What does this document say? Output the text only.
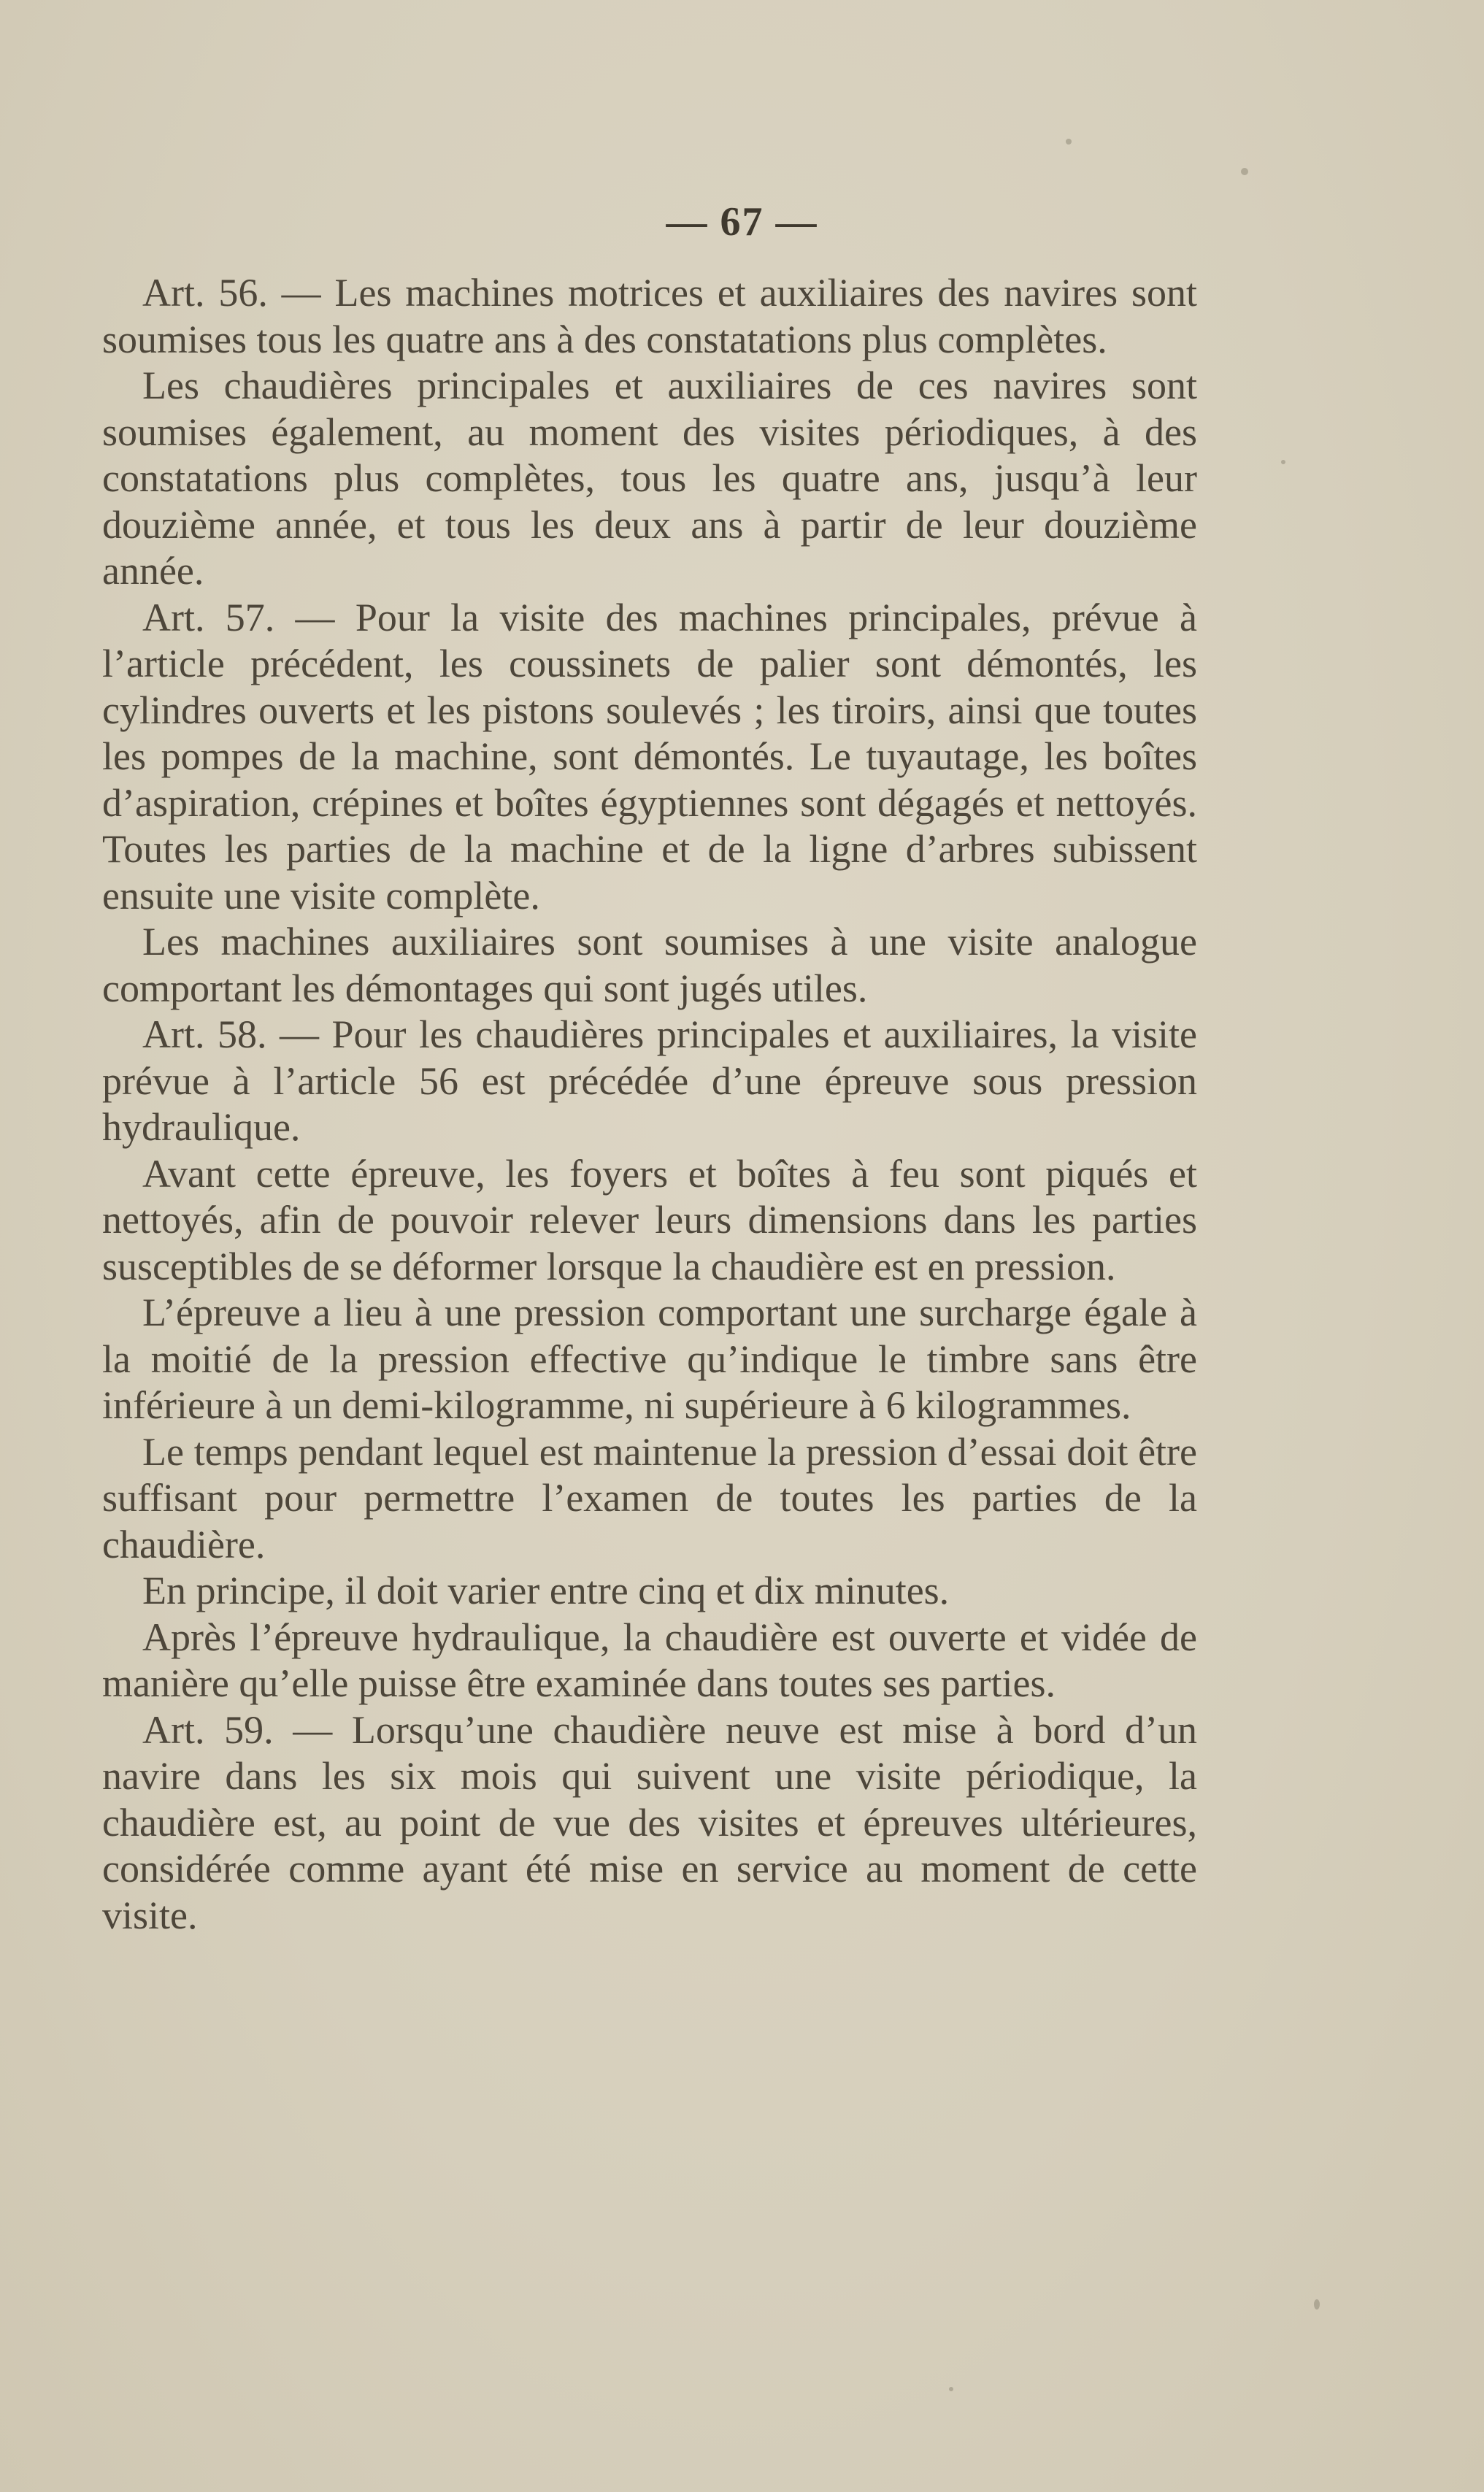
— 67 —

Art. 56. — Les machines motrices et auxiliaires des navires sont soumises tous les quatre ans à des constatations plus complètes.

Les chaudières principales et auxiliaires de ces navires sont soumises également, au moment des visites périodiques, à des constatations plus complètes, tous les quatre ans, jusqu’à leur douzième année, et tous les deux ans à partir de leur douzième année.

Art. 57. — Pour la visite des machines principales, prévue à l’article précédent, les coussinets de palier sont démontés, les cylindres ouverts et les pistons soulevés ; les tiroirs, ainsi que toutes les pompes de la machine, sont démontés. Le tuyautage, les boîtes d’aspiration, crépines et boîtes égyptiennes sont dégagés et nettoyés. Toutes les parties de la machine et de la ligne d’arbres subissent ensuite une visite complète.

Les machines auxiliaires sont soumises à une visite analogue comportant les démontages qui sont jugés utiles.

Art. 58. — Pour les chaudières principales et auxiliaires, la visite prévue à l’article 56 est précédée d’une épreuve sous pression hydraulique.

Avant cette épreuve, les foyers et boîtes à feu sont piqués et nettoyés, afin de pouvoir relever leurs dimensions dans les parties susceptibles de se déformer lorsque la chaudière est en pression.

L’épreuve a lieu à une pression comportant une surcharge égale à la moitié de la pression effective qu’indique le timbre sans être inférieure à un demi-kilogramme, ni supérieure à 6 kilogrammes.

Le temps pendant lequel est maintenue la pression d’essai doit être suffisant pour permettre l’examen de toutes les parties de la chaudière.

En principe, il doit varier entre cinq et dix minutes.

Après l’épreuve hydraulique, la chaudière est ouverte et vidée de manière qu’elle puisse être examinée dans toutes ses parties.

Art. 59. — Lorsqu’une chaudière neuve est mise à bord d’un navire dans les six mois qui suivent une visite périodique, la chaudière est, au point de vue des visites et épreuves ultérieures, considérée comme ayant été mise en service au moment de cette visite.
